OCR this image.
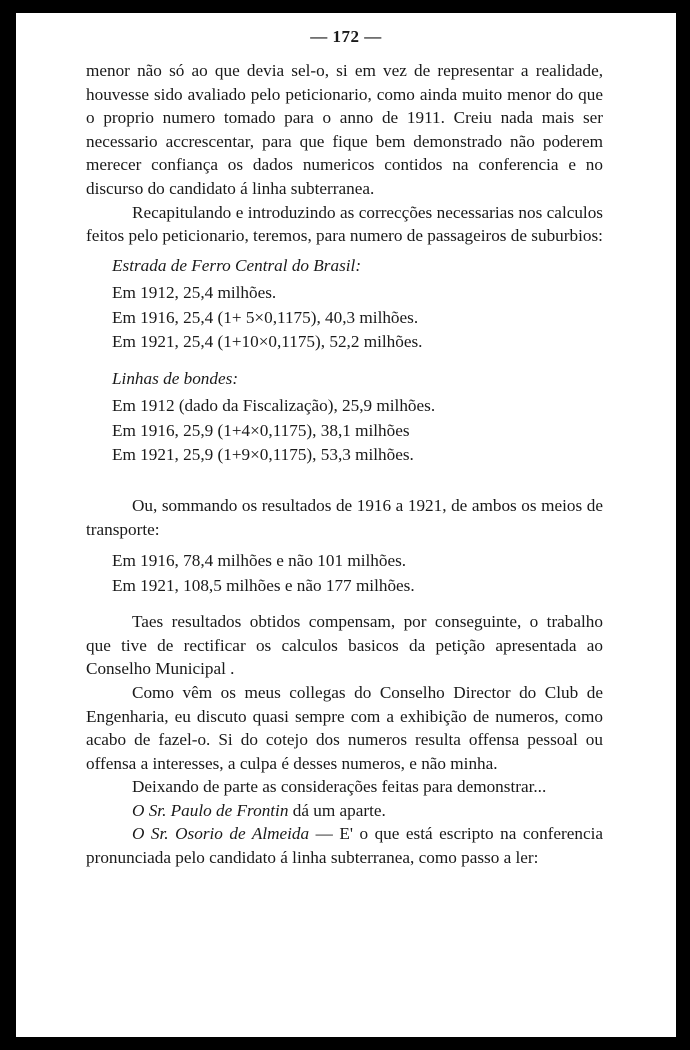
— 172 —

menor não só ao que devia sel-o, si em vez de representar a realidade, houvesse sido avaliado pelo peticionario, como ainda muito menor do que o proprio numero tomado para o anno de 1911. Creiu nada mais ser necessario accrescentar, para que fique bem demonstrado não poderem merecer confiança os dados numericos contidos na conferencia e no discurso do candidato á linha subterranea.

Recapitulando e introduzindo as correcções necessarias nos calculos feitos pelo peticionario, teremos, para numero de passageiros de suburbios:

Estrada de Ferro Central do Brasil:

Em 1912, 25,4 milhões.

Em 1916, 25,4 (1+ 5×0,1175), 40,3 milhões.

Em 1921, 25,4 (1+10×0,1175), 52,2 milhões.

Linhas de bondes:

Em 1912 (dado da Fiscalização), 25,9 milhões.

Em 1916, 25,9 (1+4×0,1175), 38,1 milhões

Em 1921, 25,9 (1+9×0,1175), 53,3 milhões.

Ou, sommando os resultados de 1916 a 1921, de ambos os meios de transporte:

Em 1916, 78,4 milhões e não 101 milhões.

Em 1921, 108,5 milhões e não 177 milhões.

Taes resultados obtidos compensam, por conseguinte, o trabalho que tive de rectificar os calculos basicos da petição apresentada ao Conselho Municipal .

Como vêm os meus collegas do Conselho Director do Club de Engenharia, eu discuto quasi sempre com a exhibição de numeros, como acabo de fazel-o. Si do cotejo dos numeros resulta offensa pessoal ou offensa a interesses, a culpa é desses numeros, e não minha.

Deixando de parte as considerações feitas para demonstrar...

O Sr. Paulo de Frontin dá um aparte.

O Sr. Osorio de Almeida — E' o que está escripto na conferencia pronunciada pelo candidato á linha subterranea, como passo a ler:
